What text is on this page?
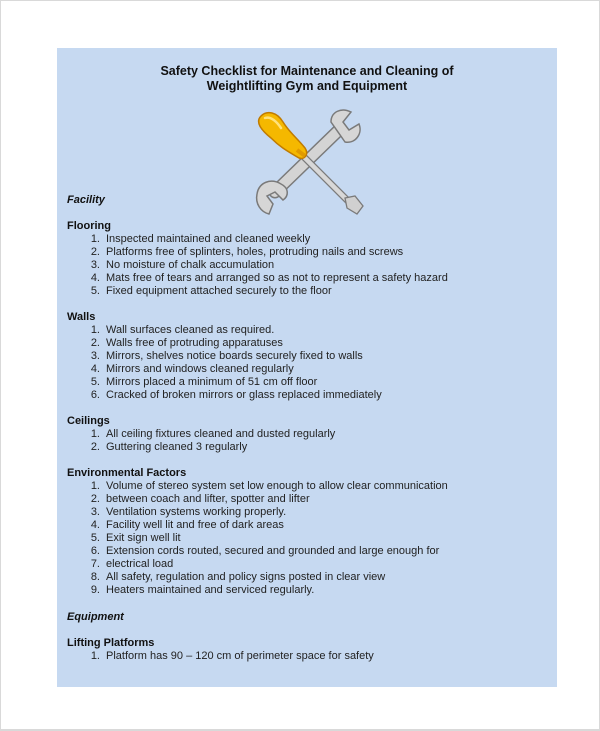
Safety Checklist for Maintenance and Cleaning of
Weightlifting Gym and Equipment
Facility
Flooring
1. Inspected maintained and cleaned weekly
2. Platforms free of splinters, holes, protruding nails and screws
3. No moisture of chalk accumulation
4. Mats free of tears and arranged so as not to represent a safety hazard
5. Fixed equipment attached securely to the floor
Walls
1. Wall surfaces cleaned as required.
2. Walls free of protruding apparatuses
3. Mirrors, shelves notice boards securely fixed to walls
4. Mirrors and windows cleaned regularly
5. Mirrors placed a minimum of 51 cm off floor
6. Cracked of broken mirrors or glass replaced immediately
Ceilings
1. All ceiling fixtures cleaned and dusted regularly
2. Guttering cleaned 3 regularly
Environmental Factors
1. Volume of stereo system set low enough to allow clear communication
2. between coach and lifter, spotter and lifter
3. Ventilation systems working properly.
4. Facility well lit and free of dark areas
5. Exit sign well lit
6. Extension cords routed, secured and grounded and large enough for
7. electrical load
8. All safety, regulation and policy signs posted in clear view
9. Heaters maintained and serviced regularly.
Equipment
Lifting Platforms
1. Platform has 90 – 120 cm of perimeter space for safety
